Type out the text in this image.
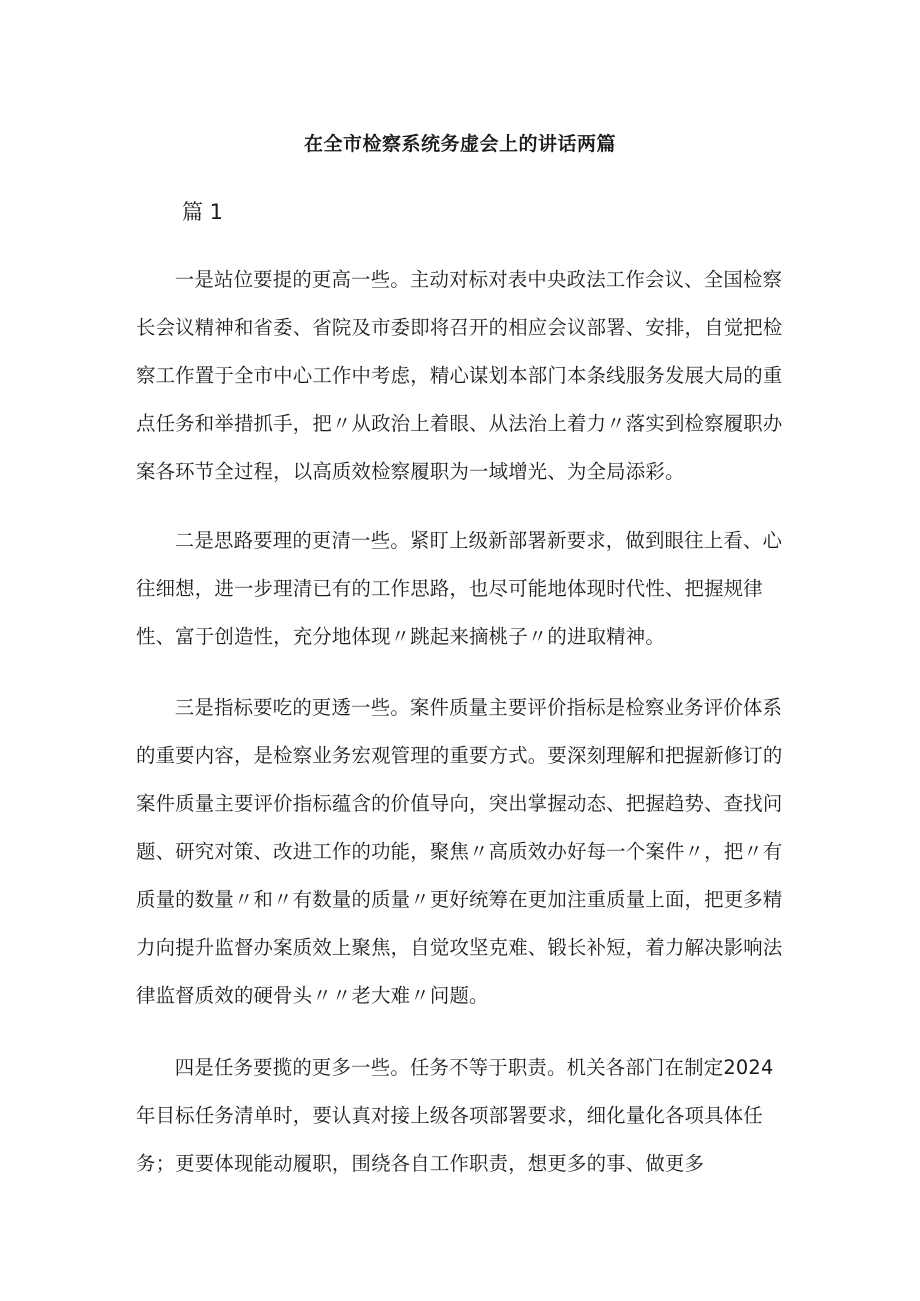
在全市检察系统务虚会上的讲话两篇
篇 1

一是站位要提的更高一些。主动对标对表中央政法工作会议、全国检察长会议精神和省委、省院及市委即将召开的相应会议部署、安排，自觉把检察工作置于全市中心工作中考虑，精心谋划本部门本条线服务发展大局的重点任务和举措抓手，把〃从政治上着眼、从法治上着力〃落实到检察履职办案各环节全过程，以高质效检察履职为一域增光、为全局添彩。

二是思路要理的更清一些。紧盯上级新部署新要求，做到眼往上看、心往细想，进一步理清已有的工作思路，也尽可能地体现时代性、把握规律性、富于创造性，充分地体现〃跳起来摘桃子〃的进取精神。

三是指标要吃的更透一些。案件质量主要评价指标是检察业务评价体系的重要内容，是检察业务宏观管理的重要方式。要深刻理解和把握新修订的案件质量主要评价指标蕴含的价值导向，突出掌握动态、把握趋势、查找问题、研究对策、改进工作的功能，聚焦〃高质效办好每一个案件〃，把〃有质量的数量〃和〃有数量的质量〃更好统筹在更加注重质量上面，把更多精力向提升监督办案质效上聚焦，自觉攻坚克难、锻长补短，着力解决影响法律监督质效的硬骨头〃〃老大难〃问题。

四是任务要揽的更多一些。任务不等于职责。机关各部门在制定2024 年目标任务清单时，要认真对接上级各项部署要求，细化量化各项具体任务；更要体现能动履职，围绕各自工作职责，想更多的事、做更多
